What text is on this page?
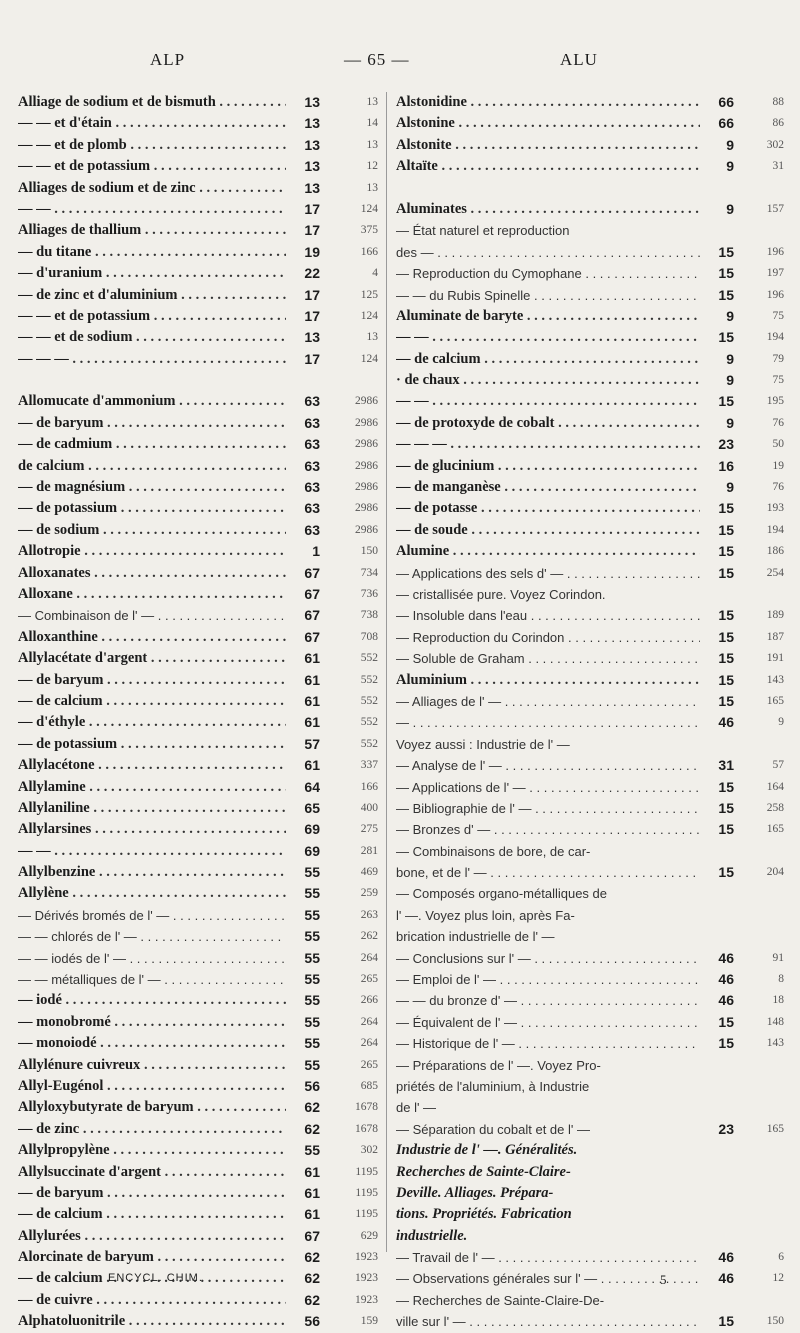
ALP	— 65 —	ALU
Alliage de sodium et de bismuth . . .	13	13
— — et d'étain . . .	13	14
— — et de plomb . . .	13	13
— — et de potassium . . .	13	12
Alliages de sodium et de zinc . . .	13	13
— — . . .	17	124
Alliages de thallium . . .	17	375
— du titane . . .	19	166
— d'uranium . . .	22	4
— de zinc et d'aluminium . . .	17	125
— — et de potassium . . .	17	124
— — et de sodium . . .	13	13
— — — . . .	17	124
Allomucate d'ammonium . . .	63	2986
— de baryum . . .	63	2986
— de cadmium . . .	63	2986
de calcium . . .	63	2986
— de magnésium . . .	63	2986
— de potassium . . .	63	2986
— de sodium . . .	63	2986
Allotropie . . .	1	150
Alloxanates . . .	67	734
Alloxane . . .	67	736
— Combinaison de l' — . . .	67	738
Alloxanthine . . .	67	708
Allylacétate d'argent . . .	61	552
— de baryum . . .	61	552
— de calcium . . .	61	552
— d'éthyle . . .	61	552
— de potassium . . .	57	552
Allylacétone . . .	61	337
Allylamine . . .	64	166
Allylaniline . . .	65	400
Allylarsines . . .	69	275
— — . . .	69	281
Allylbenzine . . .	55	469
Allylène . . .	55	259
— Dérivés bromés de l' — . . .	55	263
— — chlorés de l' — . . .	55	262
— — iodés de l' — . . .	55	264
— — métalliques de l' — . . .	55	265
— iodé . . .	55	266
— monobromé . . .	55	264
— monoiodé . . .	55	264
Allylénure cuivreux . . .	55	265
Allyl-Eugénol . . .	56	685
Allyloxybutyrate de baryum . . .	62	1678
— de zinc . . .	62	1678
Allylpropylène . . .	55	302
Allylsuccinate d'argent . . .	61	1195
— de baryum . . .	61	1195
— de calcium . . .	61	1195
Allylurées . . .	67	629
Alorcinate de baryum . . .	62	1923
— de calcium . . .	62	1923
— de cuivre . . .	62	1923
Alphatoluonitrile . . .	56	159
Alstonidine . . .	66	88
Alstonine . . .	66	86
Alstonite . . .	9	302
Altaïte . . .	9	31
Aluminates . . .	9	157
— État naturel et reproduction
des — . . .	15	196
— Reproduction du Cymophane . . .	15	197
— — du Rubis Spinelle . . .	15	196
Aluminate de baryte . . .	9	75
— — . . .	15	194
— de calcium . . .	9	79
· de chaux . . .	9	75
— — . . .	15	195
— de protoxyde de cobalt . . .	9	76
— — — . . .	23	50
— de glucinium . . .	16	19
— de manganèse . . .	9	76
— de potasse . . .	15	193
— de soude . . .	15	194
Alumine . . .	15	186
— Applications des sels d' — . . .	15	254
— cristallisée pure. Voyez Corindon.
— Insoluble dans l'eau . . .	15	189
— Reproduction du Corindon . . .	15	187
— Soluble de Graham . . .	15	191
Aluminium . . .	15	143
— Alliages de l' — . . .	15	165
— . . .	46	9
Voyez aussi : Industrie de l' —
— Analyse de l' — . . .	31	57
— Applications de l' — . . .	15	164
— Bibliographie de l' — . . .	15	258
— Bronzes d' — . . .	15	165
— Combinaisons de bore, de car-
bone, et de l' — . . .	15	204
— Composés organo-métalliques de
l' —. Voyez plus loin, après Fa-
brication industrielle de l' —
— Conclusions sur l' — . . .	46	91
— Emploi de l' — . . .	46	8
— — du bronze d' — . . .	46	18
— Équivalent de l' — . . .	15	148
— Historique de l' — . . .	15	143
— Préparations de l' —. Voyez Pro-
priétés de l'aluminium, à Industrie
de l' —
— Séparation du cobalt et de l' —	23	165
Industrie de l' —. Généralités.
Recherches de Sainte-Claire-
Deville. Alliages. Prépara-
tions. Propriétés. Fabrication
industrielle.
— Travail de l' — . . .	46	6
— Observations générales sur l' — . . .	46	12
— Recherches de Sainte-Claire-De-
ville sur l' — . . .	15	150
ENCYCL. CHIM.	5
